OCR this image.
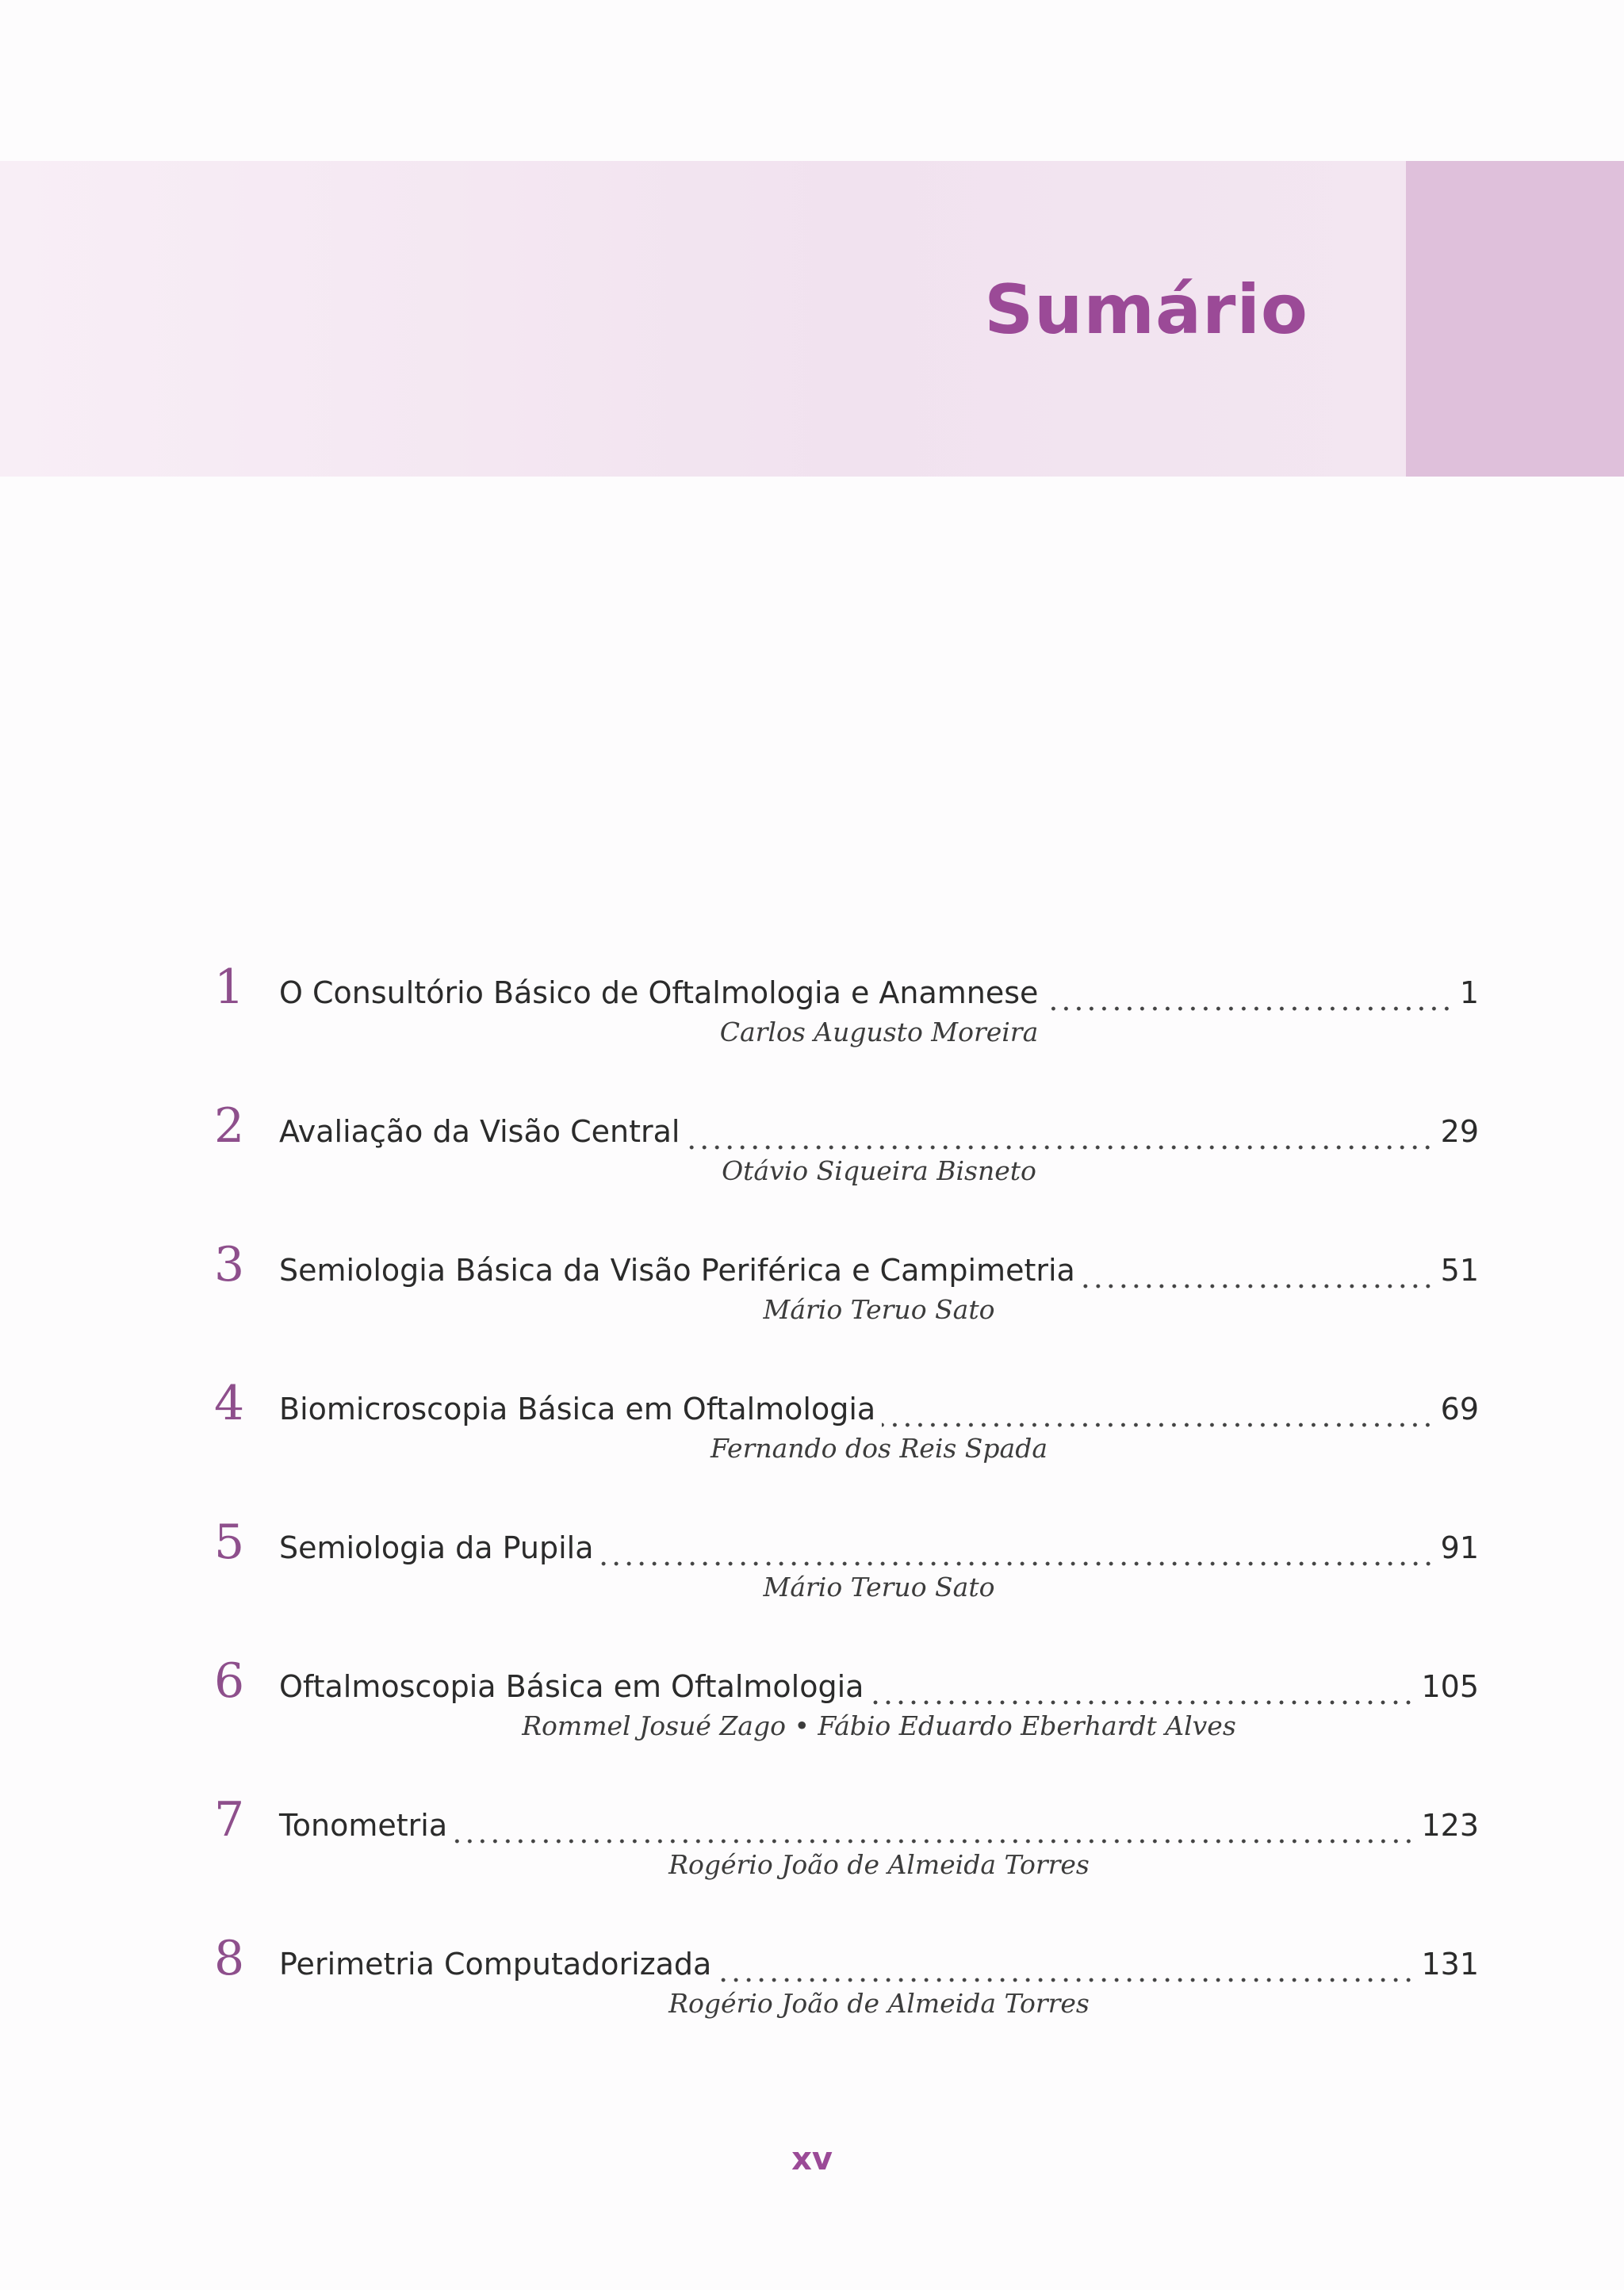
Sumário
1	O Consultório Básico de Oftalmologia e Anamnese	1
Carlos Augusto Moreira
2	Avaliação da Visão Central	29
Otávio Siqueira Bisneto
3	Semiologia Básica da Visão Periférica e Campimetria	51
Mário Teruo Sato
4	Biomicroscopia Básica em Oftalmologia	69
Fernando dos Reis Spada
5	Semiologia da Pupila	91
Mário Teruo Sato
6	Oftalmoscopia Básica em Oftalmologia	105
Rommel Josué Zago • Fábio Eduardo Eberhardt Alves
7	Tonometria	123
Rogério João de Almeida Torres
8	Perimetria Computadorizada	131
Rogério João de Almeida Torres
xv
